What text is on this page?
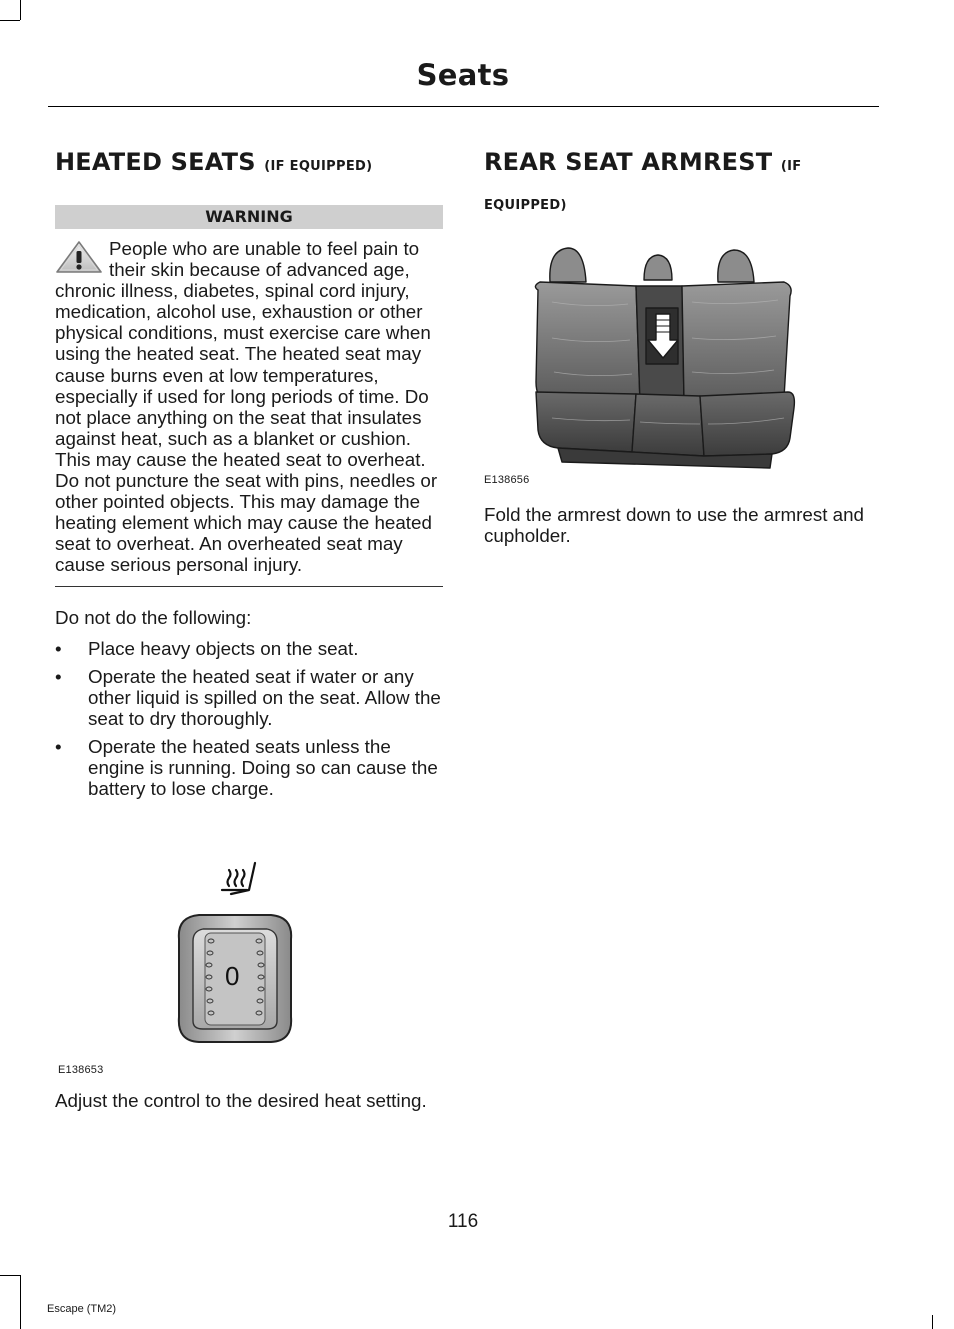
Seats
HEATED SEATS (IF EQUIPPED)
WARNING
People who are unable to feel pain to their skin because of advanced age, chronic illness, diabetes, spinal cord injury, medication, alcohol use, exhaustion or other physical conditions, must exercise care when using the heated seat. The heated seat may cause burns even at low temperatures, especially if used for long periods of time. Do not place anything on the seat that insulates against heat, such as a blanket or cushion. This may cause the heated seat to overheat. Do not puncture the seat with pins, needles or other pointed objects. This may damage the heating element which may cause the heated seat to overheat. An overheated seat may cause serious personal injury.

Do not do the following:

• Place heavy objects on the seat.
• Operate the heated seat if water or any other liquid is spilled on the seat. Allow the seat to dry thoroughly.
• Operate the heated seats unless the engine is running. Doing so can cause the battery to lose charge.
0
E138653

Adjust the control to the desired heat setting.

REAR SEAT ARMREST (IF EQUIPPED)
E138656

Fold the armrest down to use the armrest and cupholder.

116
Escape (TM2)
